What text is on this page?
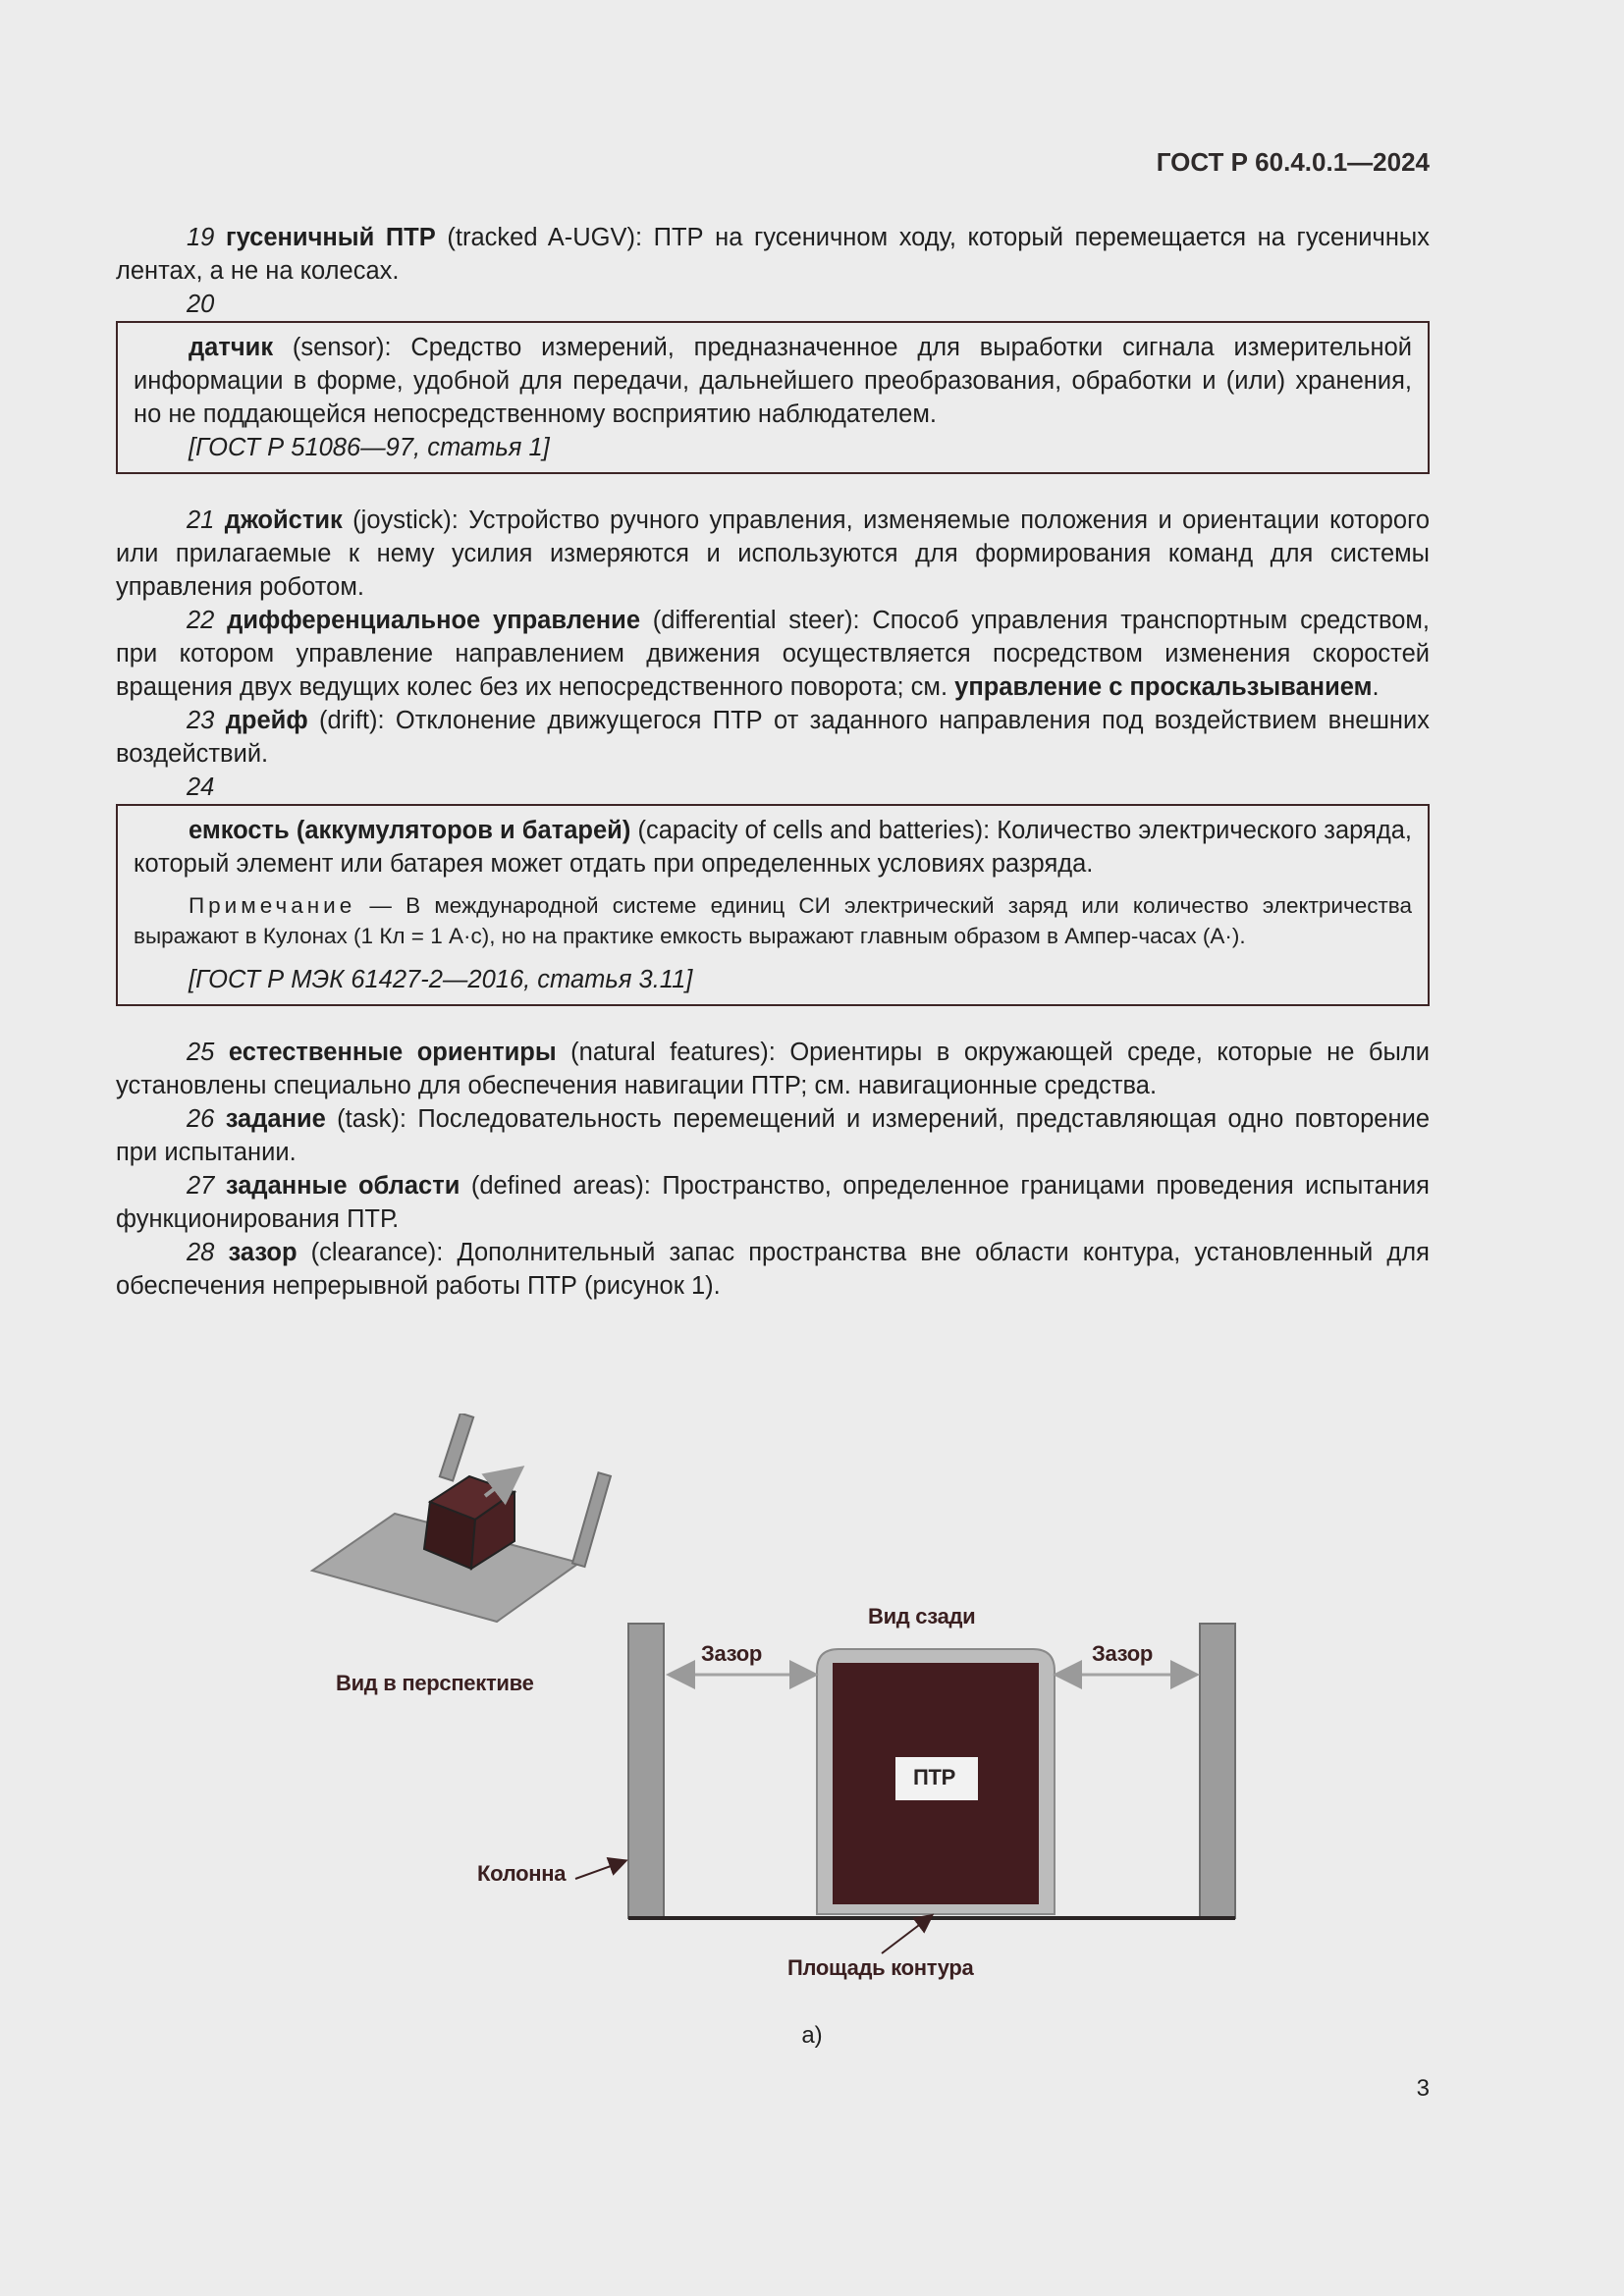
ГОСТ Р 60.4.0.1—2024

19 гусеничный ПТР (tracked A-UGV): ПТР на гусеничном ходу, который перемещается на гусеничных лентах, а не на колесах.

20

датчик (sensor): Средство измерений, предназначенное для выработки сигнала измерительной информации в форме, удобной для передачи, дальнейшего преобразования, обработки и (или) хранения, но не поддающейся непосредственному восприятию наблюдателем.

[ГОСТ Р 51086—97, статья 1]

21 джойстик (joystick): Устройство ручного управления, изменяемые положения и ориентации которого или прилагаемые к нему усилия измеряются и используются для формирования команд для системы управления роботом.

22 дифференциальное управление (differential steer): Способ управления транспортным средством, при котором управление направлением движения осуществляется посредством изменения скоростей вращения двух ведущих колес без их непосредственного поворота; см. управление с проскальзыванием.

23 дрейф (drift): Отклонение движущегося ПТР от заданного направления под воздействием внешних воздействий.

24

емкость (аккумуляторов и батарей) (capacity of cells and batteries): Количество электрического заряда, который элемент или батарея может отдать при определенных условиях разряда.

Примечание — В международной системе единиц СИ электрический заряд или количество электричества выражают в Кулонах (1 Кл = 1 А·с), но на практике емкость выражают главным образом в Ампер-часах (А·).

[ГОСТ Р МЭК 61427-2—2016, статья 3.11]

25 естественные ориентиры (natural features): Ориентиры в окружающей среде, которые не были установлены специально для обеспечения навигации ПТР; см. навигационные средства.

26 задание (task): Последовательность перемещений и измерений, представляющая одно повторение при испытании.

27 заданные области (defined areas): Пространство, определенное границами проведения испытания функционирования ПТР.

28 зазор (clearance): Дополнительный запас пространства вне области контура, установленный для обеспечения непрерывной работы ПТР (рисунок 1).

Вид в перспективе
Вид сзади
Зазор	Зазор
ПТР
Колонна
Площадь контура
а)
3
